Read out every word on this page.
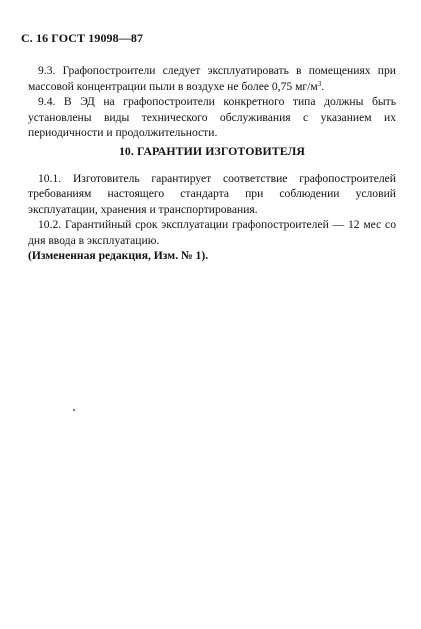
С. 16 ГОСТ 19098—87

9.3. Графопостроители следует эксплуатировать в помещениях при массовой концентрации пыли в воздухе не более 0,75 $мг/м^3$.

9.4. В ЭД на графопостроители конкретного типа должны быть установлены виды технического обслуживания с указанием их периодичности и продолжительности.

10. ГАРАНТИИ ИЗГОТОВИТЕЛЯ

10.1. Изготовитель гарантирует соответствие графопостроителей требованиям настоящего стандарта при соблюдении условий эксплуатации, хранения и транспортирования.

10.2. Гарантийный срок эксплуатации графопостроителей — 12 мес со дня ввода в эксплуатацию.

(Измененная редакция, Изм. № 1).
